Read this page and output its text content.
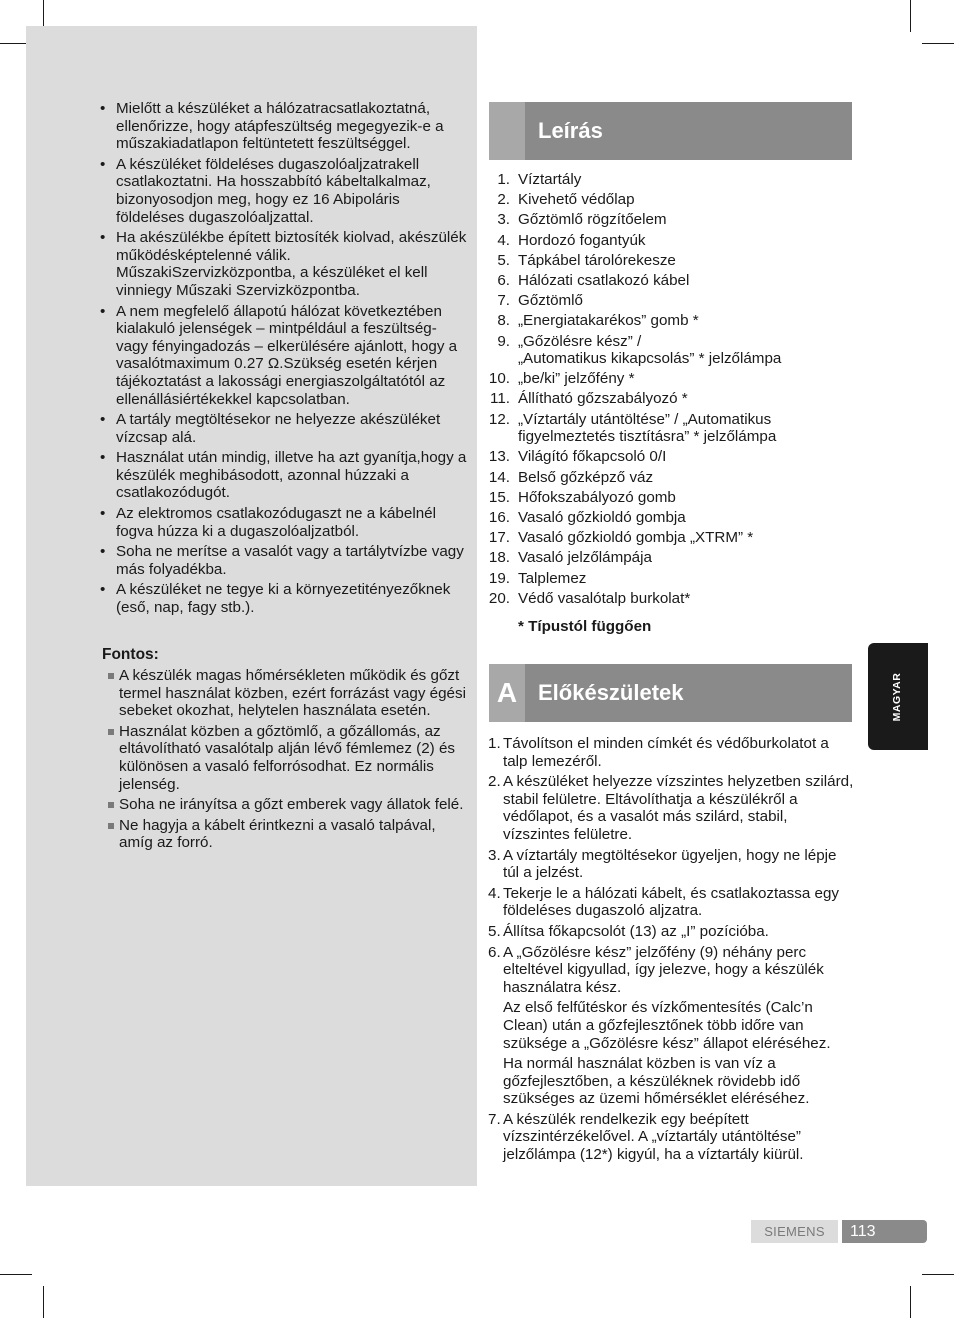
• Mielőtt a készüléket a hálózatracsatlakoztatná, ellenőrizze, hogy atápfeszültség megegyezik-e a műszakiadatlapon feltüntetett feszültséggel.
• A készüléket földeléses dugaszolóaljzatrakell csatlakoztatni. Ha hosszabbító kábeltalkalmaz, bizonyosodjon meg, hogy ez 16 Abipoláris földeléses dugaszolóaljzattal.
• Ha akészülékbe épített biztosíték kiolvad, akészülék működésképtelenné válik. MűszakiSzervizközpontba, a készüléket el kell vinniegy Műszaki Szervizközpontba.
• A nem megfelelő állapotú hálózat következtében kialakuló jelenségek – mintpéldául a feszültség- vagy fényingadozás – elkerülésére ajánlott, hogy a vasalótmaximum 0.27 Ω.Szükség esetén kérjen tájékoztatást a lakossági energiaszolgáltatótól az ellenállásiértékekkel kapcsolatban.
• A tartály megtöltésekor ne helyezze akészüléket vízcsap alá.
• Használat után mindig, illetve ha azt gyanítja,hogy a készülék meghibásodott, azonnal húzzaki a csatlakozódugót.
• Az elektromos csatlakozódugaszt ne a kábelnél fogva húzza ki a dugaszolóaljzatból.
• Soha ne merítse a vasalót vagy a tartálytvízbe vagy más folyadékba.
• A készüléket ne tegye ki a környezetitényezőknek (eső, nap, fagy stb.).
Fontos:
A készülék magas hőmérsékleten működik és gőzt termel használat közben, ezért forrázást vagy égési sebeket okozhat, helytelen használata esetén.
Használat közben a gőztömlő, a gőzállomás, az eltávolítható vasalótalp alján lévő fémlemez (2) és különösen a vasaló felforrósodhat. Ez normális jelenség.
Soha ne irányítsa a gőzt emberek vagy állatok felé.
Ne hagyja a kábelt érintkezni a vasaló talpával, amíg az forró.
Leírás
1. Víztartály
2. Kivehető védőlap
3. Gőztömlő rögzítőelem
4. Hordozó fogantyúk
5. Tápkábel tárolórekesze
6. Hálózati csatlakozó kábel
7. Gőztömlő
8. „Energiatakarékos” gomb *
9. „Gőzölésre kész” /
„Automatikus kikapcsolás” * jelzőlámpa
10. „be/ki” jelzőfény *
11. Állítható gőzszabályozó *
12. „Víztartály utántöltése” / „Automatikus
figyelmeztetés tisztításra” * jelzőlámpa
13. Világító főkapcsoló 0/I
14. Belső gőzképző váz
15. Hőfokszabályozó gomb
16. Vasaló gőzkioldó gombja
17. Vasaló gőzkioldó gombja „XTRM” *
18. Vasaló jelzőlámpája
19. Talplemez
20. Védő vasalótalp burkolat*
* Típustól függően
A Előkészületek
1. Távolítson el minden címkét és védőburkolatot a talp lemezéről.

2. A készüléket helyezze vízszintes helyzetben szilárd, stabil felületre. Eltávolíthatja a készülékről a védőlapot, és a vasalót más szilárd, stabil, vízszintes felületre.

3. A víztartály megtöltésekor ügyeljen, hogy ne lépje túl a jelzést.

4. Tekerje le a hálózati kábelt, és csatlakoztassa egy földeléses dugaszoló aljzatra.

5. Állítsa főkapcsolót (13) az „I” pozícióba.

6. A „Gőzölésre kész” jelzőfény (9) néhány perc elteltével kigyullad, így jelezve, hogy a készülék használatra kész.

Az első felfűtéskor és vízkőmentesítés (Calc’n Clean) után a gőzfejlesztőnek több időre van szüksége a „Gőzölésre kész” állapot eléréséhez.

Ha normál használat közben is van víz a gőzfejlesztőben, a készüléknek rövidebb idő szükséges az üzemi hőmérséklet eléréséhez.

7. A készülék rendelkezik egy beépített vízszintérzékelővel. A „víztartály utántöltése” jelzőlámpa (12*) kigyúl, ha a víztartály kiürül.

MAGYAR
SIEMENS	113
